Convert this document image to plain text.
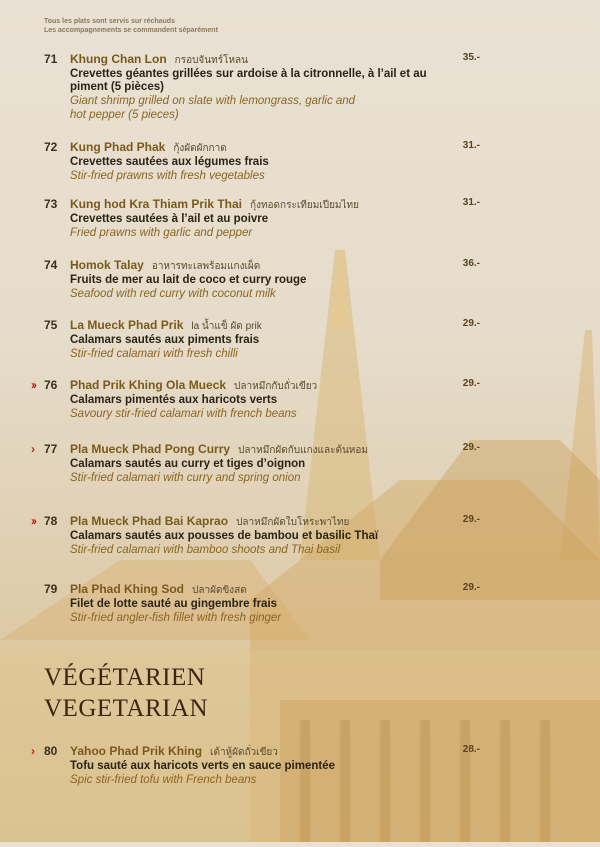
Tous les plats sont servis sur réchauds
Les accompagnements se commandent séparément
71 Khung Chan Lon กรอบจันทร์โหลน	35.-
Crevettes géantes grillées sur ardoise à la citronnelle, à l’ail et au piment (5 pièces)
Giant shrimp grilled on slate with lemongrass, garlic and hot pepper (5 pieces)
72 Kung Phad Phak กุ้งผัดผักกาด	31.-
Crevettes sautées aux légumes frais
Stir-fried prawns with fresh vegetables
73 Kung hod Kra Thiam Prik Thai กุ้งทอดกระเทียมเปียมไทย	31.-
Crevettes sautées à l’ail et au poivre
Fried prawns with garlic and pepper
74 Homok Talay อาหารทะเลพร้อมแกงเผ็ด	36.-
Fruits de mer au lait de coco et curry rouge
Seafood with red curry with coconut milk
75 La Mueck Phad Prik la น้ำแข็ ผัด prik	29.-
Calamars sautés aux piments frais
Stir-fried calamari with fresh chilli
›› 76 Phad Prik Khing Ola Mueck ปลาหมึกกับถั่วเขียว	29.-
Calamars pimentés aux haricots verts
Savoury stir-fried calamari with french beans
› 77 Pla Mueck Phad Pong Curry ปลาหมึกผัดกับแกงและต้นหอม	29.-
Calamars sautés au curry et tiges d’oignon
Stir-fried calamari with curry and spring onion
›› 78 Pla Mueck Phad Bai Kaprao ปลาหมึกผัดใบโหระพาไทย	29.-
Calamars sautés aux pousses de bambou et basilic Thaï
Stir-fried calamari with bamboo shoots and Thai basil
79 Pla Phad Khing Sod ปลาผัดขิงสด	29.-
Filet de lotte sauté au gingembre frais
Stir-fried angler-fish fillet with fresh ginger
VÉGÉTARIEN
VEGETARIAN
› 80 Yahoo Phad Prik Khing เต้าหู้ผัดถั่วเขียว	28.-
Tofu sauté aux haricots verts en sauce pimentée
Spic stir-fried tofu with French beans
